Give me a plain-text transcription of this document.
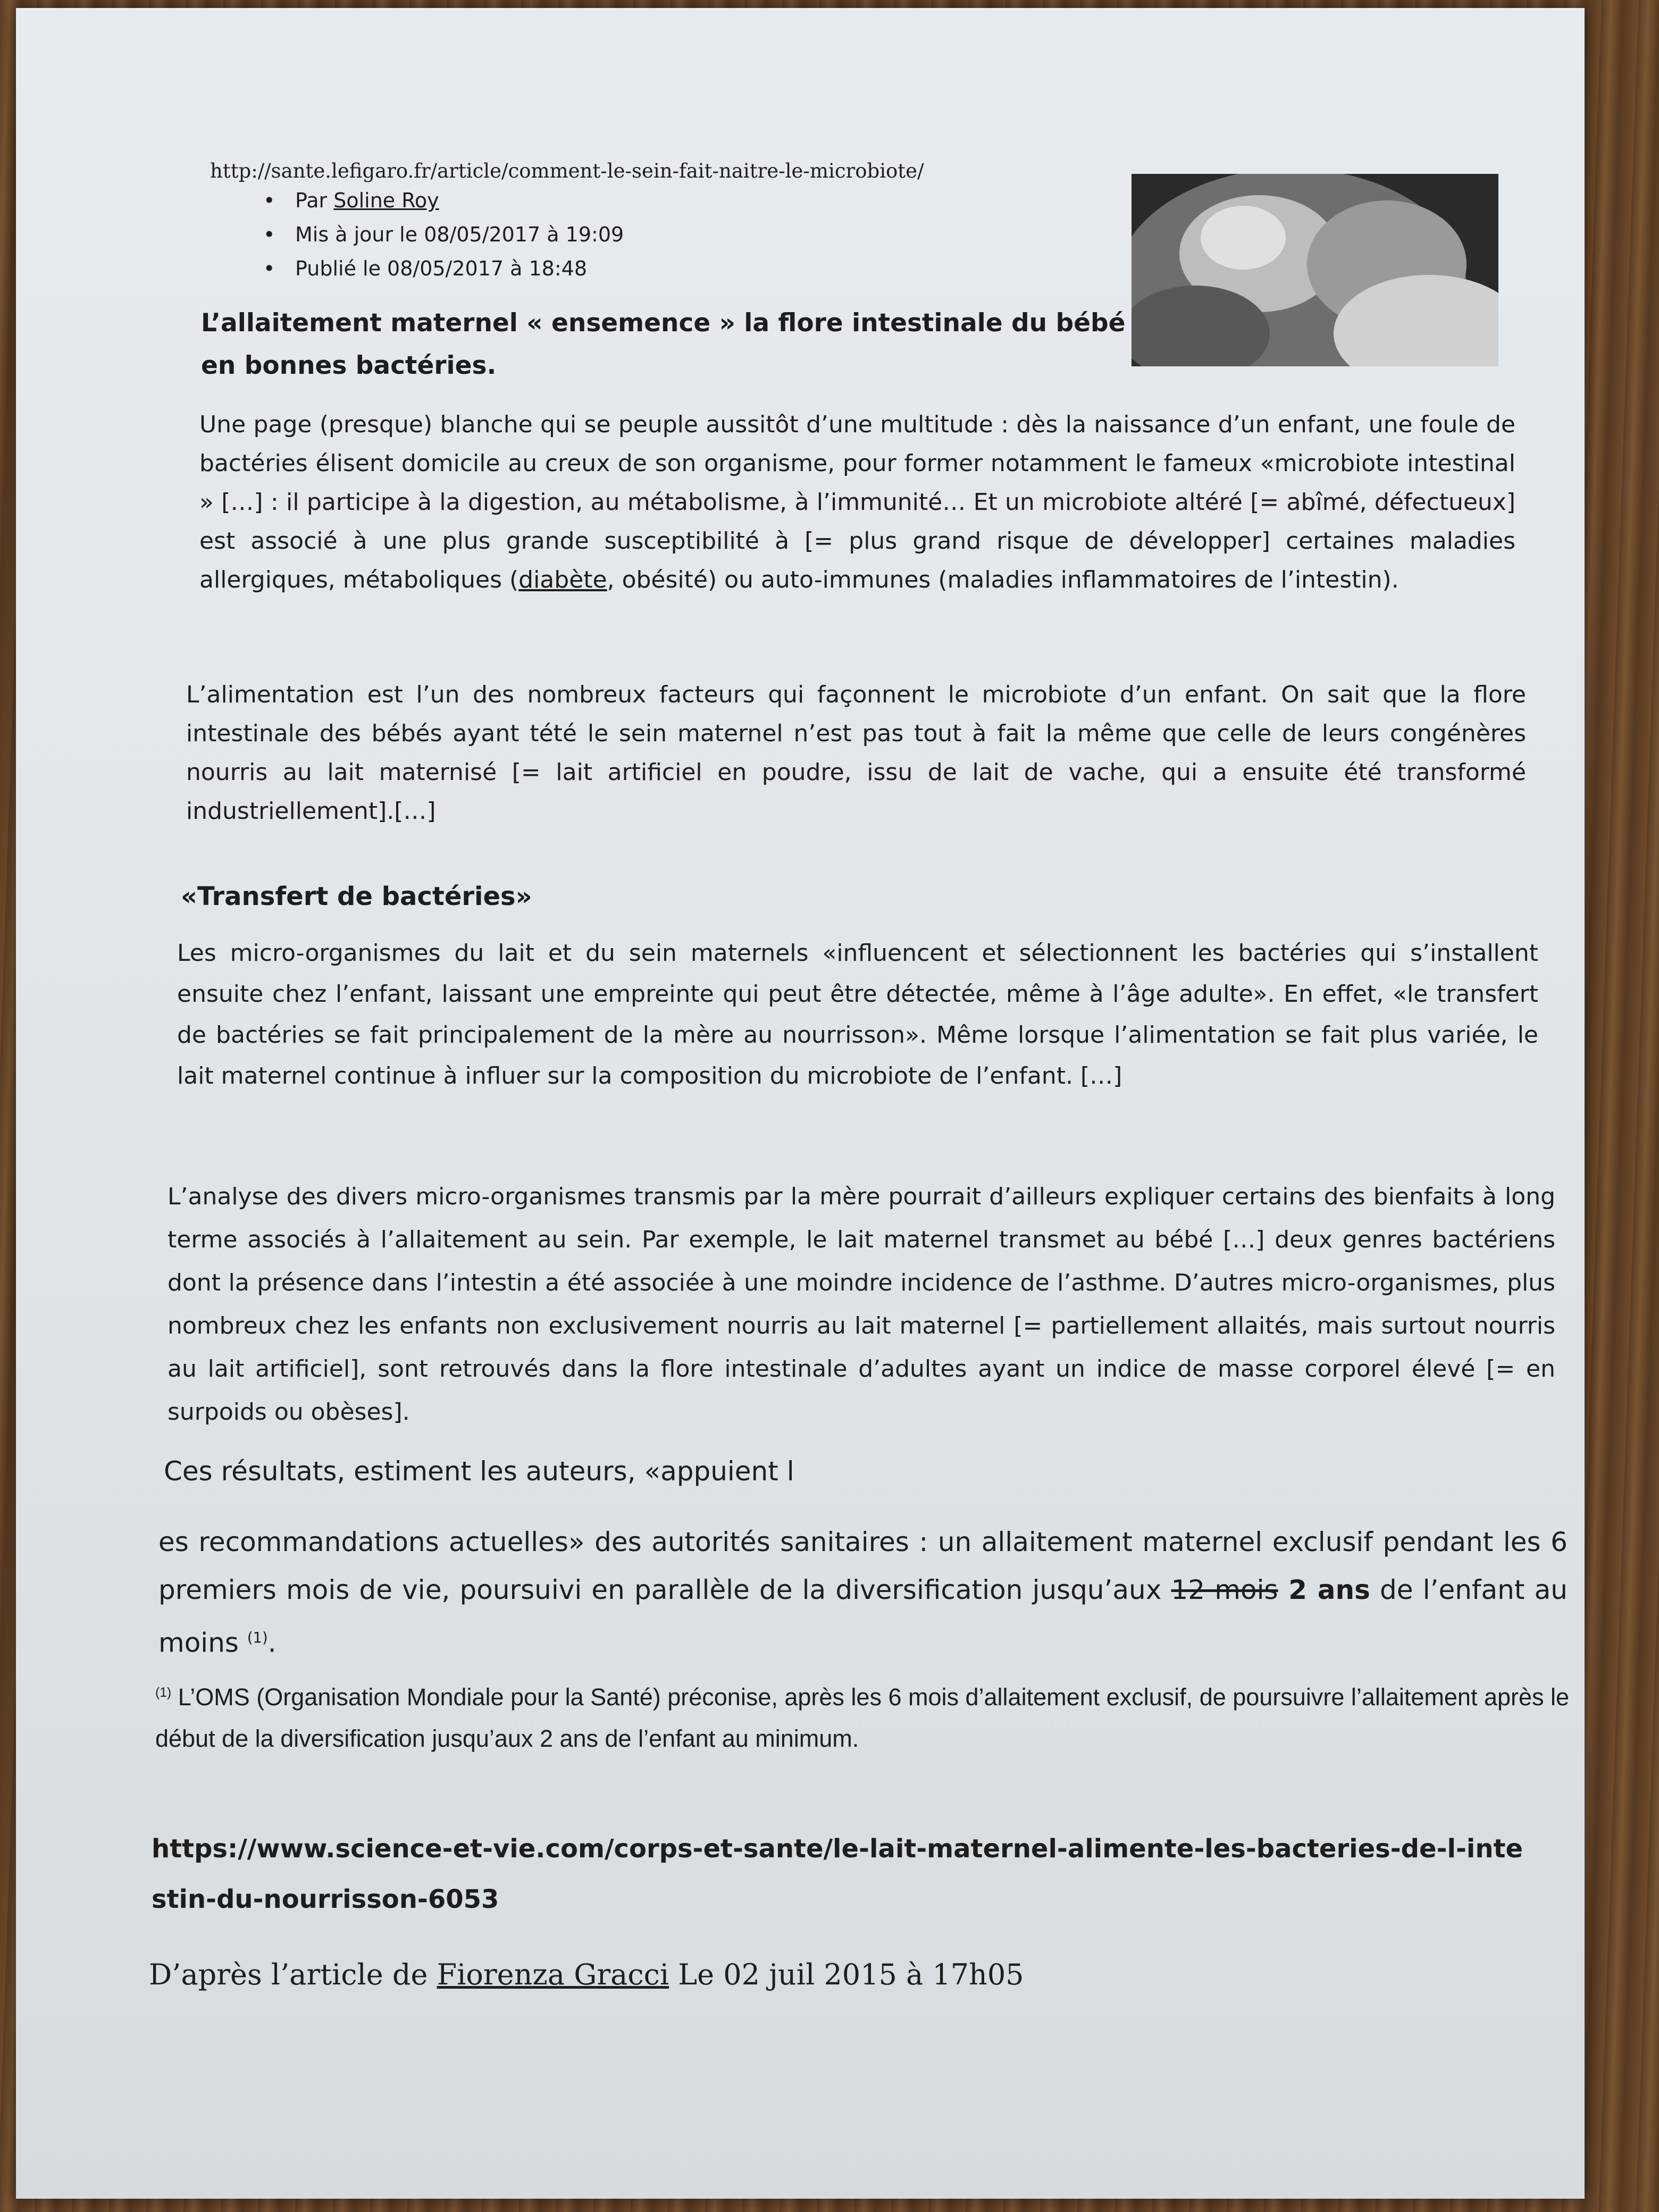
http://sante.lefigaro.fr/article/comment-le-sein-fait-naitre-le-microbiote/

• Par Soline Roy
• Mis à jour le 08/05/2017 à 19:09
• Publié le 08/05/2017 à 18:48

L’allaitement maternel « ensemence » la flore intestinale du bébé en bonnes bactéries.

Une page (presque) blanche qui se peuple aussitôt d’une multitude : dès la naissance d’un enfant, une foule de bactéries élisent domicile au creux de son organisme, pour former notamment le fameux «microbiote intestinal » […] : il participe à la digestion, au métabolisme, à l’immunité… Et un microbiote altéré [= abîmé, défectueux] est associé à une plus grande susceptibilité à [= plus grand risque de développer] certaines maladies allergiques, métaboliques (diabète, obésité) ou auto-immunes (maladies inflammatoires de l’intestin).

L’alimentation est l’un des nombreux facteurs qui façonnent le microbiote d’un enfant. On sait que la flore intestinale des bébés ayant tété le sein maternel n’est pas tout à fait la même que celle de leurs congénères nourris au lait maternisé [= lait artificiel en poudre, issu de lait de vache, qui a ensuite été transformé industriellement].[…]

«Transfert de bactéries»

Les micro-organismes du lait et du sein maternels «influencent et sélectionnent les bactéries qui s’installent ensuite chez l’enfant, laissant une empreinte qui peut être détectée, même à l’âge adulte». En effet, «le transfert de bactéries se fait principalement de la mère au nourrisson». Même lorsque l’alimentation se fait plus variée, le lait maternel continue à influer sur la composition du microbiote de l’enfant. […]

L’analyse des divers micro-organismes transmis par la mère pourrait d’ailleurs expliquer certains des bienfaits à long terme associés à l’allaitement au sein. Par exemple, le lait maternel transmet au bébé […] deux genres bactériens dont la présence dans l’intestin a été associée à une moindre incidence de l’asthme. D’autres micro-organismes, plus nombreux chez les enfants non exclusivement nourris au lait maternel [= partiellement allaités, mais surtout nourris au lait artificiel], sont retrouvés dans la flore intestinale d’adultes ayant un indice de masse corporel élevé [= en surpoids ou obèses].

Ces résultats, estiment les auteurs, «appuient l

es recommandations actuelles» des autorités sanitaires : un allaitement maternel exclusif pendant les 6 premiers mois de vie, poursuivi en parallèle de la diversification jusqu’aux 12 mois 2 ans de l’enfant au moins $^{(1)}$.

$^{(1)}$ L’OMS (Organisation Mondiale pour la Santé) préconise, après les 6 mois d’allaitement exclusif, de poursuivre l’allaitement après le début de la diversification jusqu’aux 2 ans de l’enfant au minimum.

https://www.science-et-vie.com/corps-et-sante/le-lait-maternel-alimente-les-bacteries-de-l-intestin-du-nourrisson-6053

D’après l’article de Fiorenza Gracci Le 02 juil 2015 à 17h05
